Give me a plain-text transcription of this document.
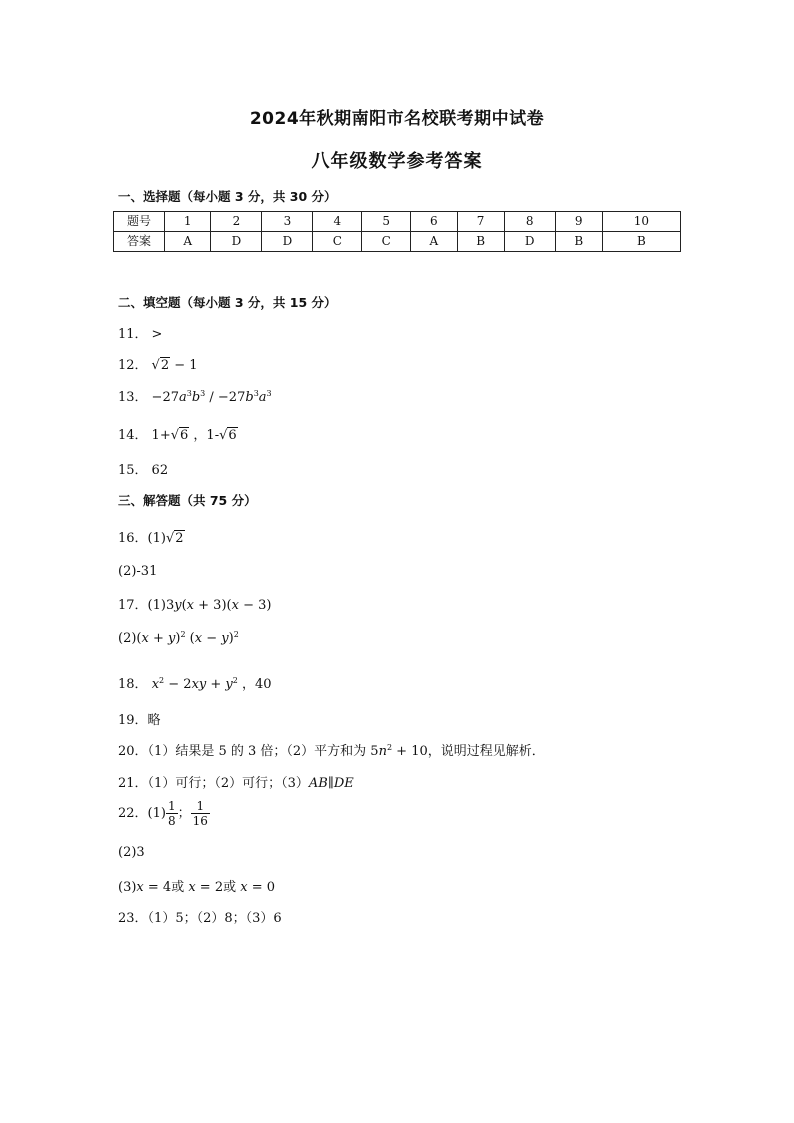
2024年秋期南阳市名校联考期中试卷
八年级数学参考答案
一、选择题（每小题 3 分，共 30 分）
题号	1	2	3	4	5	6	7	8	9	10
答案	A	D	D	C	C	A	B	D	B	B
二、填空题（每小题 3 分，共 15 分）
11． >
12． √2 − 1
13． $-27a^3b^3 / -27b^3a^3$
14． 1+√6 ，1-√6
15． 62
三、解答题（共 75 分）
16．(1)√2
(2)-31
17．(1)3y(x + 3)(x − 3)
$(2)(x + y)^2$ $(x - y)^2$
18． $x^2 - 2xy + y^2$ ，40
19．略
20．（1）结果是 5 的 3 倍；（2）平方和为 $5n^2 + 10$，说明过程见解析．
21．（1）可行；（2）可行；（3）AB∥DE
22．$(1) \frac{1}{8}$ ； $\frac{1}{16}$
(2)3
(3)x = 4或 x = 2或 x = 0
23．（1）5；（2）8；（3）6
